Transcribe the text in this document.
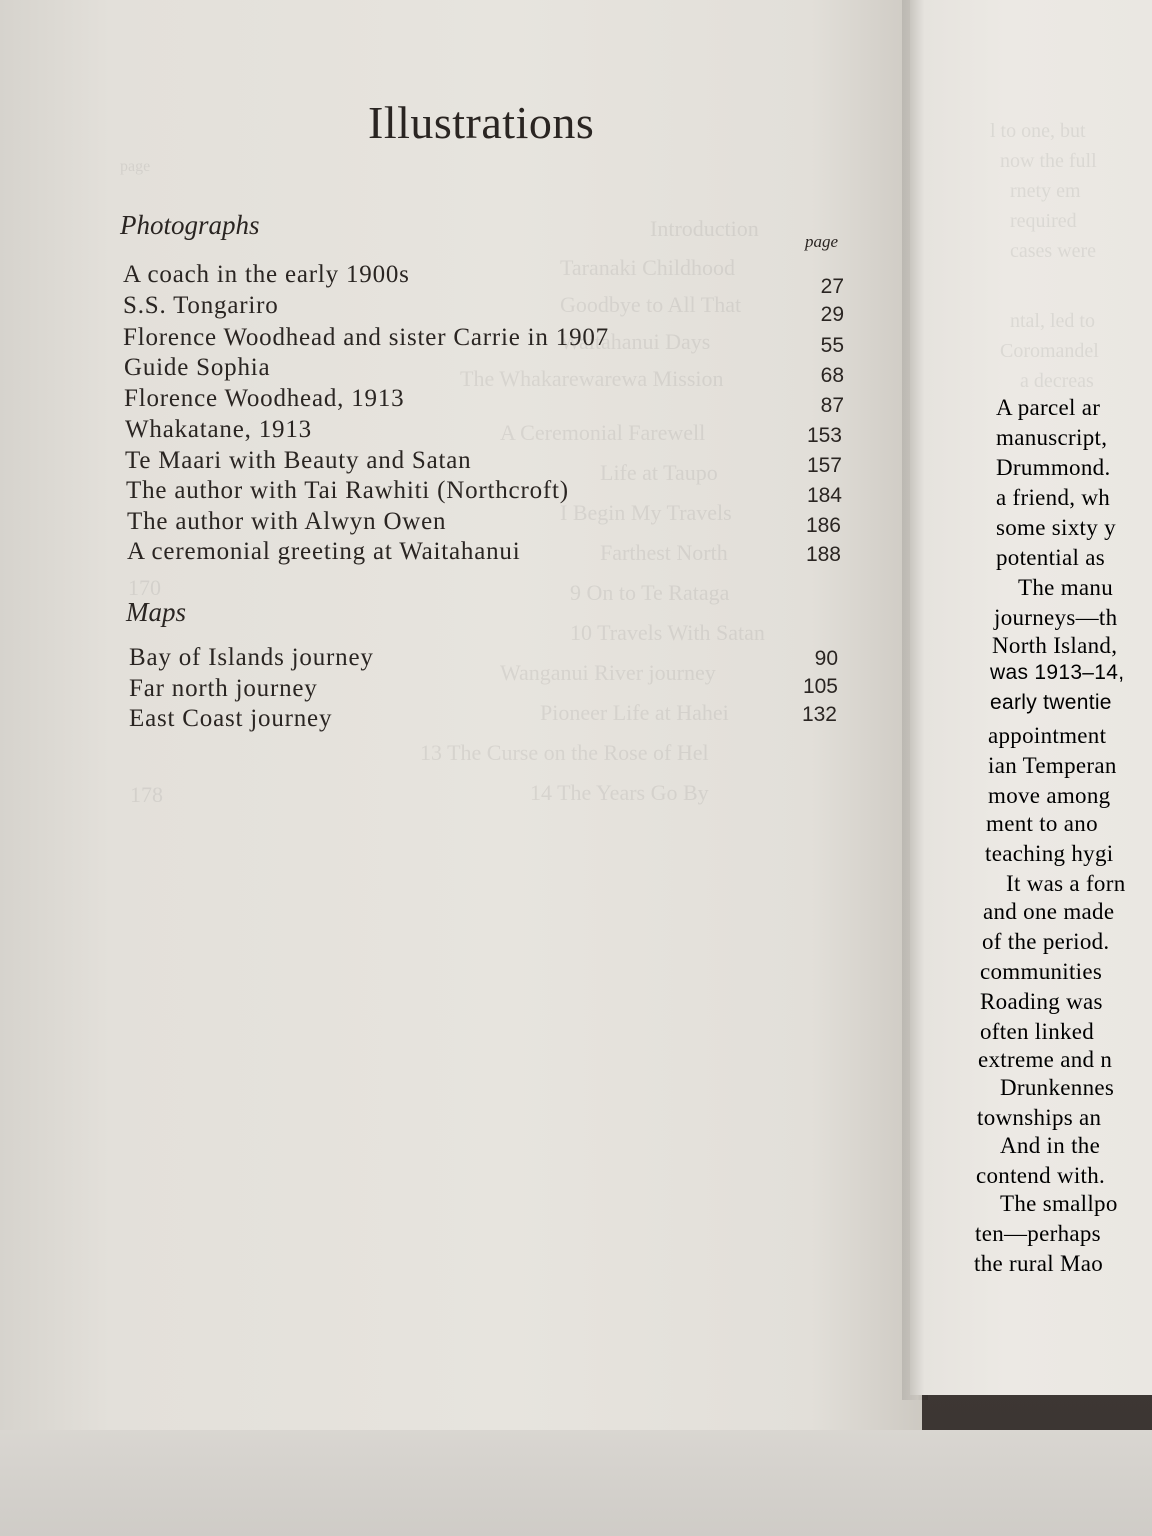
Introduction
page
Taranaki Childhood
Goodbye to All That
Waitahanui Days
The Whakarewarewa Mission
A Ceremonial Farewell
Life at Taupo
I Begin My Travels
Farthest North
9 On to Te Rataga
10 Travels With Satan
Wanganui River journey
Pioneer Life at Hahei
13 The Curse on the Rose of Hel
14 The Years Go By
170
178
Illustrations
Photographs
page
A coach in the early 1900s	27
S.S. Tongariro	29
Florence Woodhead and sister Carrie in 1907	55
Guide Sophia	68
Florence Woodhead, 1913	87
Whakatane, 1913	153
Te Maari with Beauty and Satan	157
The author with Tai Rawhiti (Northcroft)	184
The author with Alwyn Owen	186
A ceremonial greeting at Waitahanui	188
Maps
Bay of Islands journey	90
Far north journey	105
East Coast journey	132
l to one, but
now the full
rnety em
required
cases were
ntal, led to
Coromandel
a decreas
A parcel ar
manuscript,
Drummond.
a friend, wh
some sixty y
potential as
The manu
journeys—th
North Island,
was 1913–14,
early twentie
appointment
ian Temperan
move among
ment to ano
teaching hygi
It was a forn
and one made
of the period.
communities
Roading was
often linked
extreme and n
Drunkennes
townships an
And in the
contend with.
The smallpo
ten—perhaps
the rural Mao
